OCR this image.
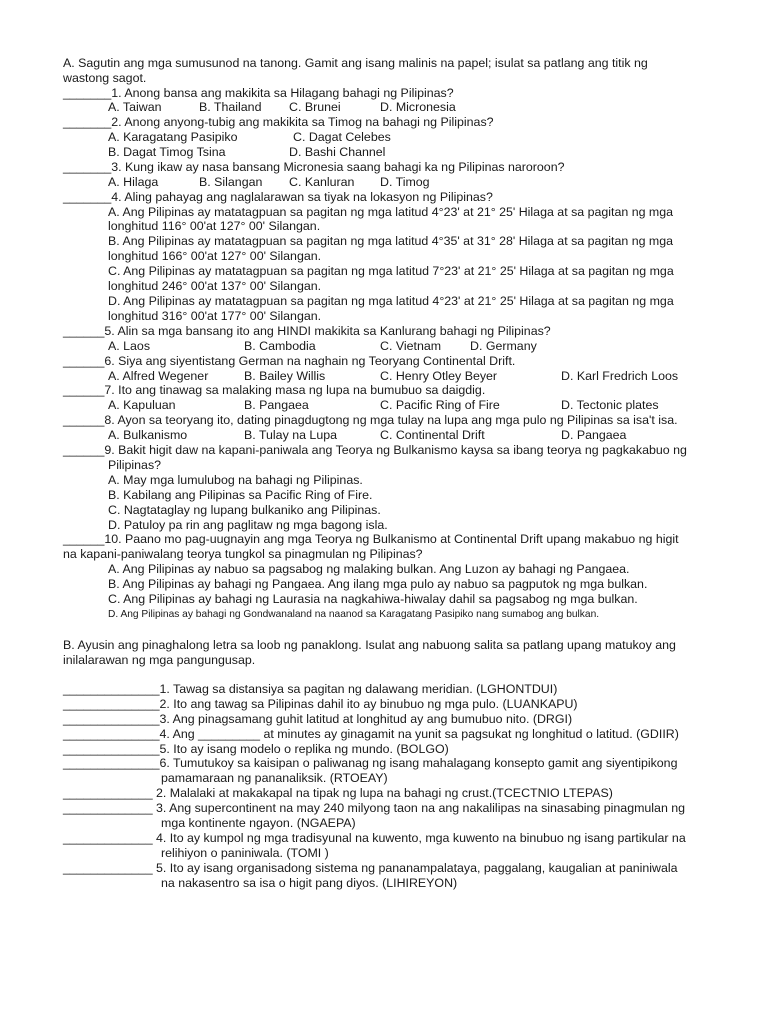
A. Sagutin ang mga sumusunod na tanong. Gamit ang isang malinis na papel; isulat sa patlang ang titik ng
wastong sagot.
_______1. Anong bansa ang makikita sa Hilagang bahagi ng Pilipinas?
A. Taiwan	B. Thailand C. Brunei	D. Micronesia
_______2. Anong anyong-tubig ang makikita sa Timog na bahagi ng Pilipinas?
A. Karagatang Pasipiko	C. Dagat Celebes
B. Dagat Timog Tsina	D. Bashi Channel
_______3. Kung ikaw ay nasa bansang Micronesia saang bahagi ka ng Pilipinas naroroon?
A. Hilaga	B. Silangan C. Kanluran D. Timog
_______4. Aling pahayag ang naglalarawan sa tiyak na lokasyon ng Pilipinas?
A. Ang Pilipinas ay matatagpuan sa pagitan ng mga latitud 4°23' at 21° 25' Hilaga at sa pagitan ng mga
longhitud 116° 00'at 127° 00' Silangan.
B. Ang Pilipinas ay matatagpuan sa pagitan ng mga latitud 4°35' at 31° 28' Hilaga at sa pagitan ng mga
longhitud 166° 00'at 127° 00' Silangan.
C. Ang Pilipinas ay matatagpuan sa pagitan ng mga latitud 7°23' at 21° 25' Hilaga at sa pagitan ng mga
longhitud 246° 00'at 137° 00' Silangan.
D. Ang Pilipinas ay matatagpuan sa pagitan ng mga latitud 4°23' at 21° 25' Hilaga at sa pagitan ng mga
longhitud 316° 00'at 177° 00' Silangan.
______5. Alin sa mga bansang ito ang HINDI makikita sa Kanlurang bahagi ng Pilipinas?
A. Laos	B. Cambodia	C. Vietnam D. Germany
______6. Siya ang siyentistang German na naghain ng Teoryang Continental Drift.
A. Alfred Wegener	B. Bailey Willis	C. Henry Otley Beyer	D. Karl Fredrich Loos
______7. Ito ang tinawag sa malaking masa ng lupa na bumubuo sa daigdig.
A. Kapuluan	B. Pangaea	C. Pacific Ring of Fire	D. Tectonic plates
______8. Ayon sa teoryang ito, dating pinagdugtong ng mga tulay na lupa ang mga pulo ng Pilipinas sa isa't isa.
A. Bulkanismo	B. Tulay na Lupa	C. Continental Drift	D. Pangaea
______9. Bakit higit daw na kapani-paniwala ang Teorya ng Bulkanismo kaysa sa ibang teorya ng pagkakabuo ng
Pilipinas?
A. May mga lumulubog na bahagi ng Pilipinas.
B. Kabilang ang Pilipinas sa Pacific Ring of Fire.
C. Nagtataglay ng lupang bulkaniko ang Pilipinas.
D. Patuloy pa rin ang paglitaw ng mga bagong isla.
______10. Paano mo pag-uugnayin ang mga Teorya ng Bulkanismo at Continental Drift upang makabuo ng higit
na kapani-paniwalang teorya tungkol sa pinagmulan ng Pilipinas?
A. Ang Pilipinas ay nabuo sa pagsabog ng malaking bulkan. Ang Luzon ay bahagi ng Pangaea.
B. Ang Pilipinas ay bahagi ng Pangaea. Ang ilang mga pulo ay nabuo sa pagputok ng mga bulkan.
C. Ang Pilipinas ay bahagi ng Laurasia na nagkahiwa-hiwalay dahil sa pagsabog ng mga bulkan.
D. Ang Pilipinas ay bahagi ng Gondwanaland na naanod sa Karagatang Pasipiko nang sumabog ang bulkan.
B. Ayusin ang pinaghalong letra sa loob ng panaklong. Isulat ang nabuong salita sa patlang upang matukoy ang
inilalarawan ng mga pangungusap.
______________1. Tawag sa distansiya sa pagitan ng dalawang meridian. (LGHONTDUI)
______________2. Ito ang tawag sa Pilipinas dahil ito ay binubuo ng mga pulo. (LUANKAPU)
______________3. Ang pinagsamang guhit latitud at longhitud ay ang bumubuo nito. (DRGI)
______________4. Ang _________ at minutes ay ginagamit na yunit sa pagsukat ng longhitud o latitud. (GDIIR)
______________5. Ito ay isang modelo o replika ng mundo. (BOLGO)
______________6. Tumutukoy sa kaisipan o paliwanag ng isang mahalagang konsepto gamit ang siyentipikong
pamamaraan ng pananaliksik. (RTOEAY)
_____________ 2. Malalaki at makakapal na tipak ng lupa na bahagi ng crust.(TCECTNIO LTEPAS)
_____________ 3. Ang supercontinent na may 240 milyong taon na ang nakalilipas na sinasabing pinagmulan ng
mga kontinente ngayon. (NGAEPA)
_____________ 4. Ito ay kumpol ng mga tradisyunal na kuwento, mga kuwento na binubuo ng isang partikular na
relihiyon o paniniwala. (TOMI )
_____________ 5. Ito ay isang organisadong sistema ng pananampalataya, paggalang, kaugalian at paniniwala
na nakasentro sa isa o higit pang diyos. (LIHIREYON)
